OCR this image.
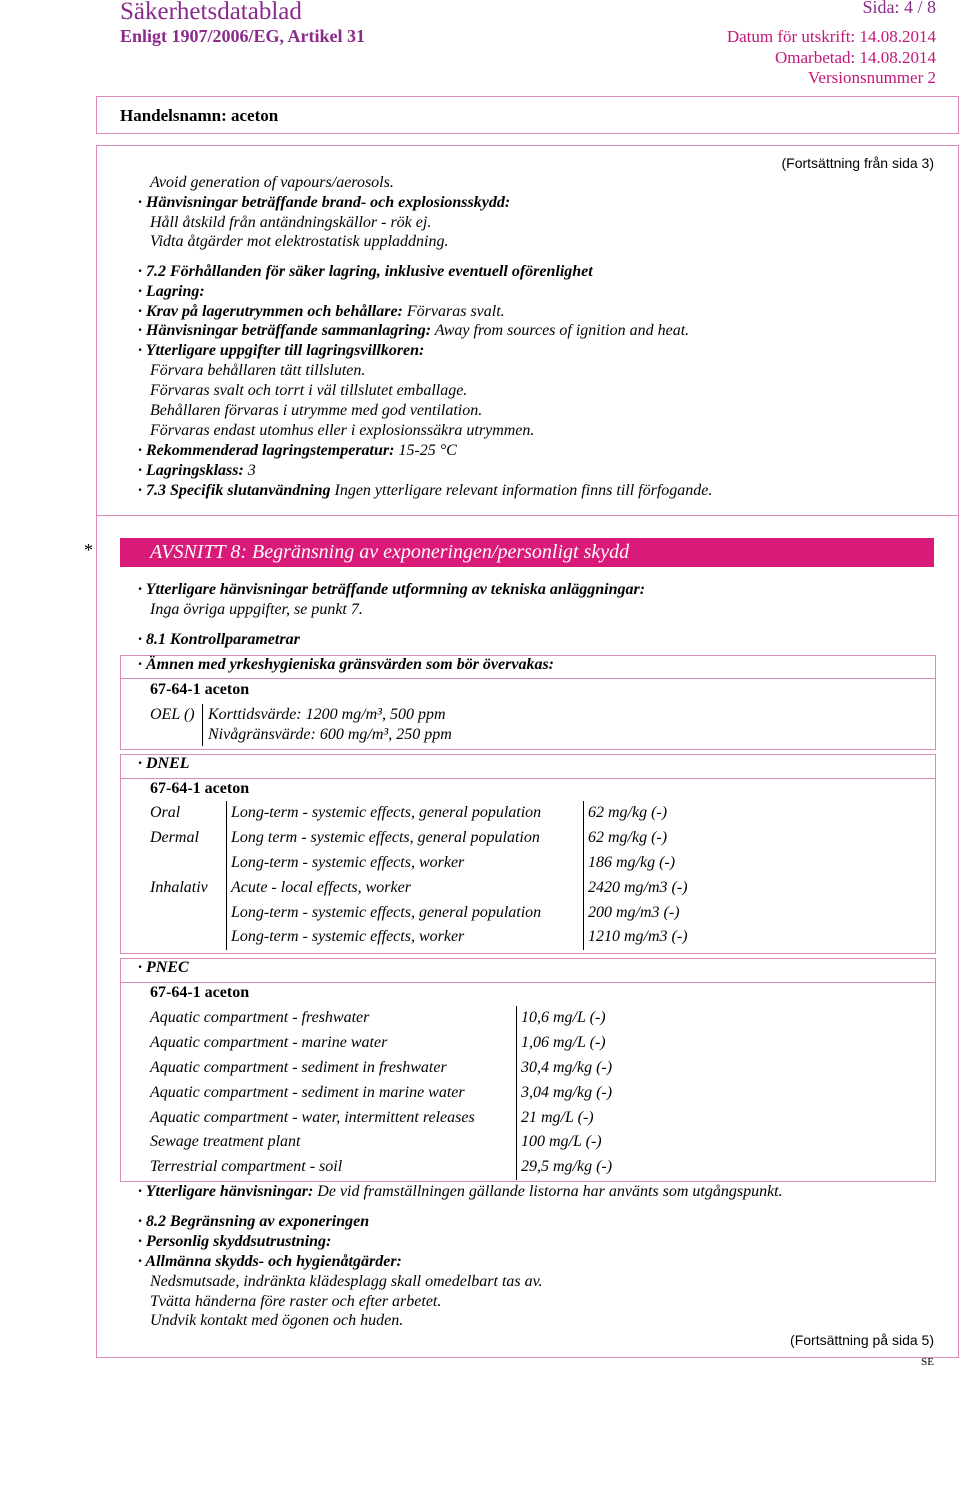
Säkerhetsdatablad
Enligt 1907/2006/EG, Artikel 31
Sida: 4 / 8
Datum för utskrift: 14.08.2014
Omarbetad: 14.08.2014
Versionsnummer 2
Handelsnamn: aceton
(Fortsättning från sida 3)
Avoid generation of vapours/aerosols.
· Hänvisningar beträffande brand- och explosionsskydd:
Håll åtskild från antändningskällor - rök ej.
Vidta åtgärder mot elektrostatisk uppladdning.
· 7.2 Förhållanden för säker lagring, inklusive eventuell oförenlighet
· Lagring:
· Krav på lagerutrymmen och behållare: Förvaras svalt.
· Hänvisningar beträffande sammanlagring: Away from sources of ignition and heat.
· Ytterligare uppgifter till lagringsvillkoren:
Förvara behållaren tätt tillsluten.
Förvaras svalt och torrt i väl tillslutet emballage.
Behållaren förvaras i utrymme med god ventilation.
Förvaras endast utomhus eller i explosionssäkra utrymmen.
· Rekommenderad lagringstemperatur: 15-25 °C
· Lagringsklass: 3
· 7.3 Specifik slutanvändning Ingen ytterligare relevant information finns till förfogande.
*	AVSNITT 8: Begränsning av exponeringen/personligt skydd
· Ytterligare hänvisningar beträffande utformning av tekniska anläggningar:
Inga övriga uppgifter, se punkt 7.
· 8.1 Kontrollparametrar
· Ämnen med yrkeshygieniska gränsvärden som bör övervakas:
67-64-1 aceton
OEL () Korttidsvärde: 1200 mg/m³, 500 ppm
Nivågränsvärde: 600 mg/m³, 250 ppm
· DNEL
67-64-1 aceton
Oral	Long-term - systemic effects, general population	62 mg/kg (-)
Dermal	Long term - systemic effects, general population	62 mg/kg (-)
	Long-term - systemic effects, worker	186 mg/kg (-)
Inhalativ	Acute - local effects, worker	2420 mg/m3 (-)
	Long-term - systemic effects, general population	200 mg/m3 (-)
	Long-term - systemic effects, worker	1210 mg/m3 (-)
· PNEC
67-64-1 aceton
Aquatic compartment - freshwater	10,6 mg/L (-)
Aquatic compartment - marine water	1,06 mg/L (-)
Aquatic compartment - sediment in freshwater	30,4 mg/kg (-)
Aquatic compartment - sediment in marine water	3,04 mg/kg (-)
Aquatic compartment - water, intermittent releases	21 mg/L (-)
Sewage treatment plant	100 mg/L (-)
Terrestrial compartment - soil	29,5 mg/kg (-)
· Ytterligare hänvisningar: De vid framställningen gällande listorna har använts som utgångspunkt.
· 8.2 Begränsning av exponeringen
· Personlig skyddsutrustning:
· Allmänna skydds- och hygienåtgärder:
Nedsmutsade, indränkta klädesplagg skall omedelbart tas av.
Tvätta händerna före raster och efter arbetet.
Undvik kontakt med ögonen och huden.
(Fortsättning på sida 5)
SE
